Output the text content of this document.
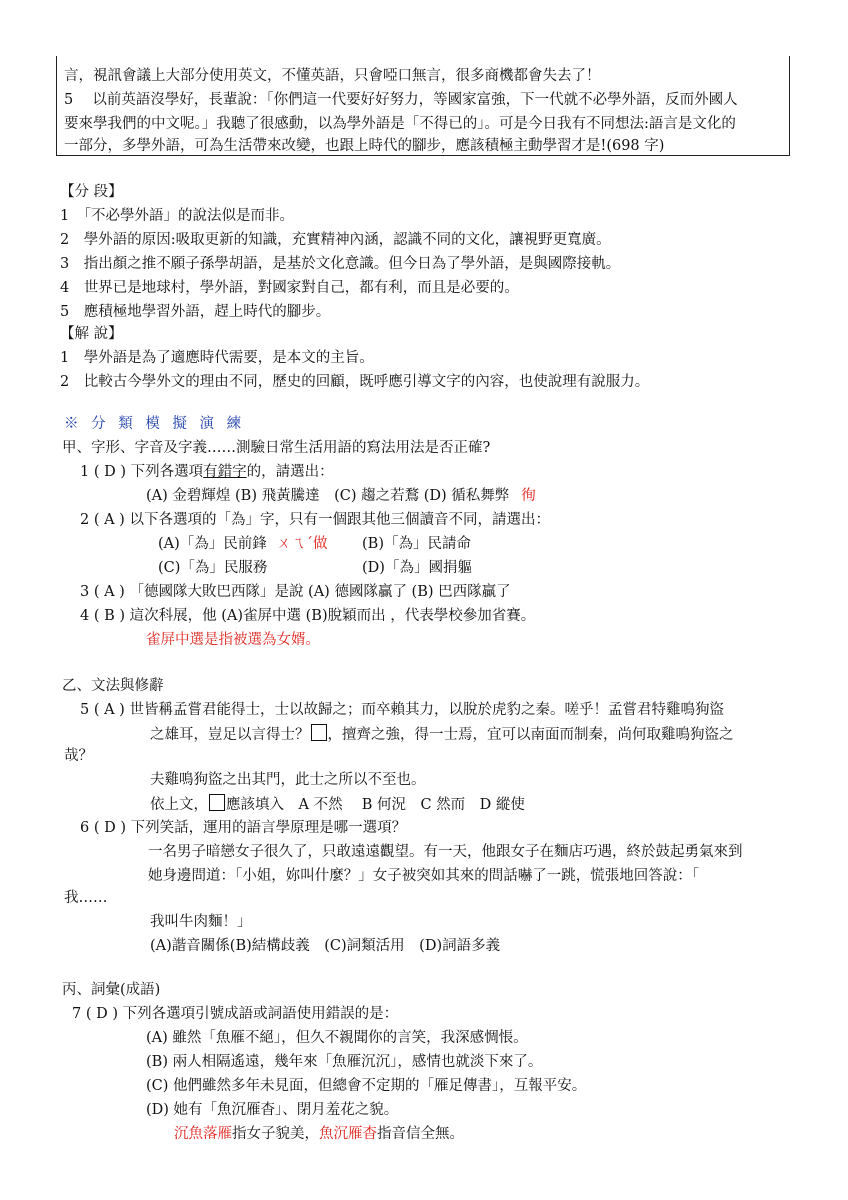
言，視訊會議上大部分使用英文，不懂英語，只會啞口無言，很多商機都會失去了！
5　 以前英語沒學好，長輩說：「你們這一代要好好努力，等國家富強，下一代就不必學外語，反而外國人
要來學我們的中文呢。」我聽了很感動，以為學外語是「不得已的」。可是今日我有不同想法:語言是文化的
一部分，多學外語，可為生活帶來改變，也跟上時代的腳步，應該積極主動學習才是!(698 字)
【分 段】
1　「不必學外語」的說法似是而非。
2　學外語的原因:吸取更新的知識，充實精神內涵，認識不同的文化，讓視野更寬廣。
3　指出顏之推不願子孫學胡語，是基於文化意識。但今日為了學外語，是與國際接軌。
4　世界已是地球村，學外語，對國家對自己，都有利，而且是必要的。
5　應積極地學習外語，趕上時代的腳步。
【解 說】
1　學外語是為了適應時代需要，是本文的主旨。
2　比較古今學外文的理由不同，歷史的回顧，既呼應引導文字的內容，也使說理有說服力。
※ 分 類 模 擬 演 練
甲、字形、字音及字義……測驗日常生活用語的寫法用法是否正確?
1 ( D ) 下列各選項有錯字的，請選出：
(A) 金碧輝煌 (B) 飛黃騰達　(C) 趨之若鶩 (D) 循私舞弊 徇
2 ( A ) 以下各選項的「為」字，只有一個跟其他三個讀音不同，請選出：
(A)「為」民前鋒 ㄨㄟˊ做 (B)「為」民請命
(C)「為」民服務	(D)「為」國捐軀
3 ( A ) 「德國隊大敗巴西隊」是說 (A) 德國隊贏了 (B) 巴西隊贏了
4 ( B ) 這次科展，他 (A)雀屏中選 (B)脫穎而出 ，代表學校參加省賽。
雀屏中選是指被選為女婿。
乙、文法與修辭
5 ( A ) 世皆稱孟嘗君能得士，士以故歸之；而卒賴其力，以脫於虎豹之秦。嗟乎！孟嘗君特雞鳴狗盜
之雄耳，豈足以言得士？ ，擅齊之強，得一士焉，宜可以南面而制秦，尚何取雞鳴狗盜之
哉？
夫雞鳴狗盜之出其門，此士之所以不至也。
依上文， 應該填入　A 不然　 B 何況　C 然而　D 縱使
6 ( D ) 下列笑話，運用的語言學原理是哪一選項？
一名男子暗戀女子很久了，只敢遠遠觀望。有一天，他跟女子在麵店巧遇，終於鼓起勇氣來到
她身邊問道：「小姐，妳叫什麼？」女子被突如其來的問話嚇了一跳，慌張地回答說：「
我……
我叫牛肉麵！」
(A)諧音關係(B)結構歧義　(C)詞類活用　(D)詞語多義
丙、詞彙(成語)
7 ( D ) 下列各選項引號成語或詞語使用錯誤的是：
(A) 雖然「魚雁不絕」，但久不親聞你的言笑，我深感惆悵。
(B) 兩人相隔遙遠，幾年來「魚雁沉沉」，感情也就淡下來了。
(C) 他們雖然多年未見面，但總會不定期的「雁足傳書」，互報平安。
(D) 她有「魚沉雁杳」、閉月羞花之貌。
沉魚落雁指女子貌美，魚沉雁杳指音信全無。
